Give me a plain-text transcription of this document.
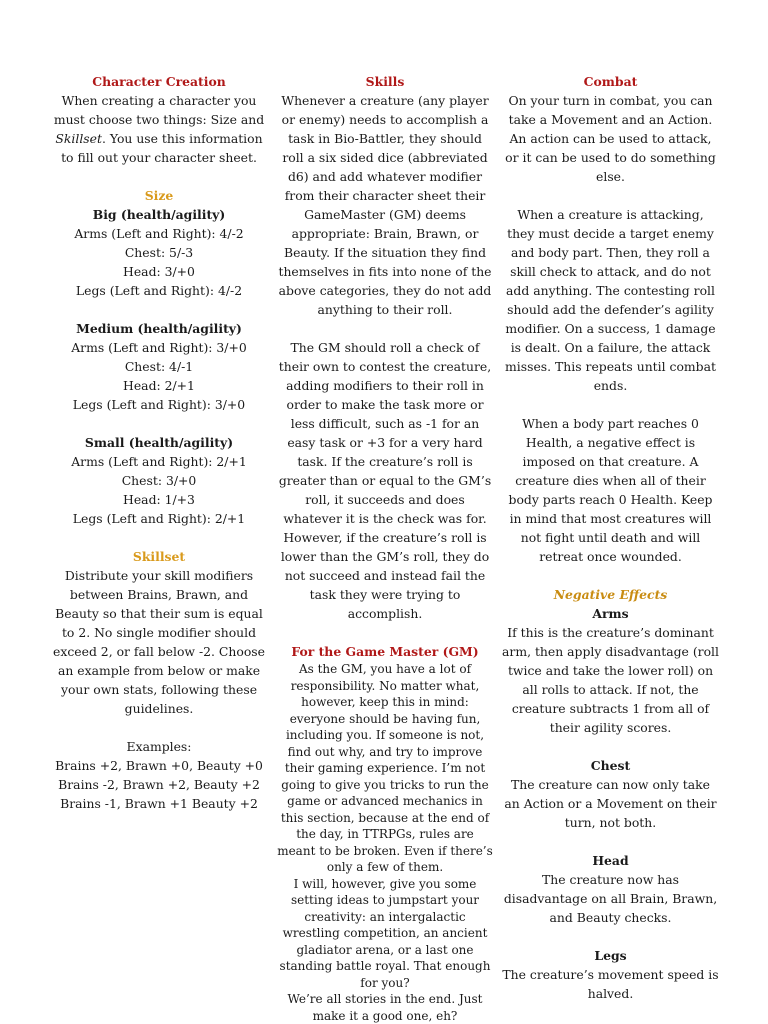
Character Creation

When creating a character you must choose two things: Size and Skillset. You use this information to fill out your character sheet.

Size
Big (health/agility)
Arms (Left and Right): 4/-2
Chest: 5/-3
Head: 3/+0
Legs (Left and Right): 4/-2
Medium (health/agility)
Arms (Left and Right): 3/+0
Chest: 4/-1
Head: 2/+1
Legs (Left and Right): 3/+0
Small (health/agility)
Arms (Left and Right): 2/+1
Chest: 3/+0
Head: 1/+3
Legs (Left and Right): 2/+1
Skillset

Distribute your skill modifiers between Brains, Brawn, and Beauty so that their sum is equal to 2. No single modifier should exceed 2, or fall below -2. Choose an example from below or make your own stats, following these guidelines.

Examples:
Brains +2, Brawn +0, Beauty +0
Brains -2, Brawn +2, Beauty +2
Brains -1, Brawn +1 Beauty +2
Skills

Whenever a creature (any player or enemy) needs to accomplish a task in Bio-Battler, they should roll a six sided dice (abbreviated d6) and add whatever modifier from their character sheet their GameMaster (GM) deems appropriate: Brain, Brawn, or Beauty. If the situation they find themselves in fits into none of the above categories, they do not add anything to their roll.

The GM should roll a check of their own to contest the creature, adding modifiers to their roll in order to make the task more or less difficult, such as -1 for an easy task or +3 for a very hard task. If the creature’s roll is greater than or equal to the GM’s roll, it succeeds and does whatever it is the check was for. However, if the creature’s roll is lower than the GM’s roll, they do not succeed and instead fail the task they were trying to accomplish.

For the Game Master (GM)

As the GM, you have a lot of responsibility. No matter what, however, keep this in mind: everyone should be having fun, including you. If someone is not, find out why, and try to improve their gaming experience. I’m not going to give you tricks to run the game or advanced mechanics in this section, because at the end of the day, in TTRPGs, rules are meant to be broken. Even if there’s only a few of them.

I will, however, give you some setting ideas to jumpstart your creativity: an intergalactic wrestling competition, an ancient gladiator arena, or a last one standing battle royal. That enough for you?

We’re all stories in the end. Just make it a good one, eh?

Combat

On your turn in combat, you can take a Movement and an Action. An action can be used to attack, or it can be used to do something else.

When a creature is attacking, they must decide a target enemy and body part. Then, they roll a skill check to attack, and do not add anything. The contesting roll should add the defender’s agility modifier. On a success, 1 damage is dealt. On a failure, the attack misses. This repeats until combat ends.

When a body part reaches 0 Health, a negative effect is imposed on that creature. A creature dies when all of their body parts reach 0 Health. Keep in mind that most creatures will not fight until death and will retreat once wounded.

Negative Effects
Arms

If this is the creature’s dominant arm, then apply disadvantage (roll twice and take the lower roll) on all rolls to attack. If not, the creature subtracts 1 from all of their agility scores.

Chest

The creature can now only take an Action or a Movement on their turn, not both.

Head

The creature now has disadvantage on all Brain, Brawn, and Beauty checks.

Legs

The creature’s movement speed is halved.
